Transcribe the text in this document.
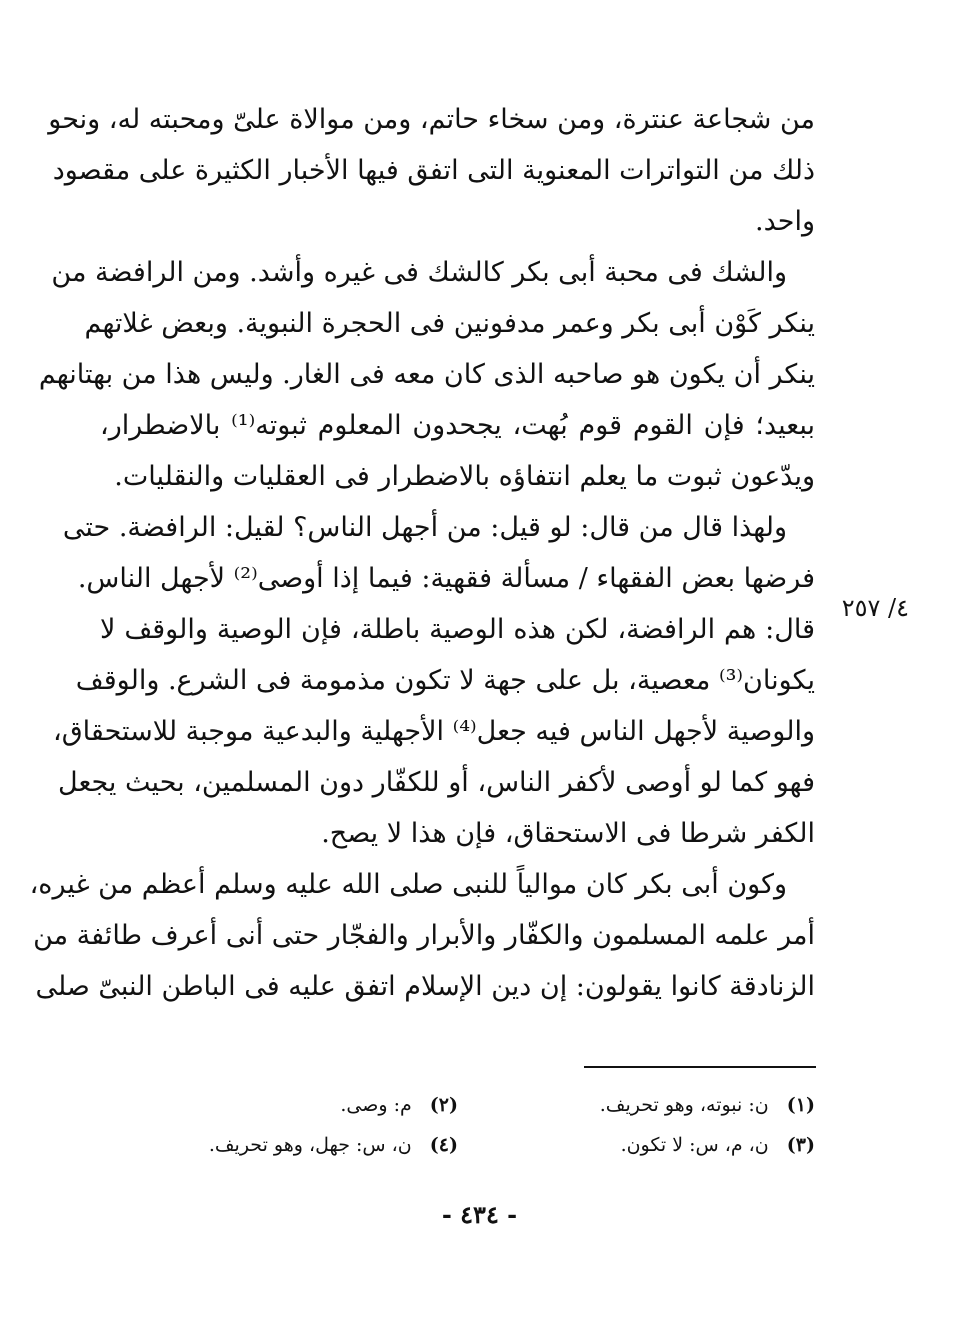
من شجاعة عنترة، ومن سخاء حاتم، ومن موالاة علىّ ومحبته له، ونحو
ذلك من التواترات المعنوية التى اتفق فيها الأخبار الكثيرة على مقصود
واحد.
والشك فى محبة أبى بكر كالشك فى غيره وأشد. ومن الرافضة من
ينكر كَوْن أبى بكر وعمر مدفونين فى الحجرة النبوية. وبعض غلاتهم
ينكر أن يكون هو صاحبه الذى كان معه فى الغار. وليس هذا من بهتانهم
ببعيد؛ فإن القوم قوم بُهت، يجحدون المعلوم ثبوته⁽¹⁾ بالاضطرار،
ويدّعون ثبوت ما يعلم انتفاؤه بالاضطرار فى العقليات والنقليات.
ولهذا قال من قال: لو قيل: من أجهل الناس؟ لقيل: الرافضة. حتى
فرضها بعض الفقهاء / مسألة فقهية: فيما إذا أوصى⁽²⁾ لأجهل الناس.
قال: هم الرافضة، لكن هذه الوصية باطلة، فإن الوصية والوقف لا
يكونان⁽³⁾ معصية، بل على جهة لا تكون مذمومة فى الشرع. والوقف
والوصية لأجهل الناس فيه جعل⁽⁴⁾ الأجهلية والبدعية موجبة للاستحقاق،
فهو كما لو أوصى لأكفر الناس، أو للكفّار دون المسلمين، بحيث يجعل
الكفر شرطا فى الاستحقاق، فإن هذا لا يصح.
وكون أبى بكر كان موالياً للنبى صلى الله عليه وسلم أعظم من غيره،
أمر علمه المسلمون والكفّار والأبرار والفجّار حتى أنى أعرف طائفة من
الزنادقة كانوا يقولون: إن دين الإسلام اتفق عليه فى الباطن النبىّ صلى
٤/ ٢٥٧
(١) ن: نبوته، وهو تحريف.
(٢) م: وصى.
(٣) ن، م، س: لا تكون.
(٤) ن، س: جهل، وهو تحريف.
- ٤٣٤ -
